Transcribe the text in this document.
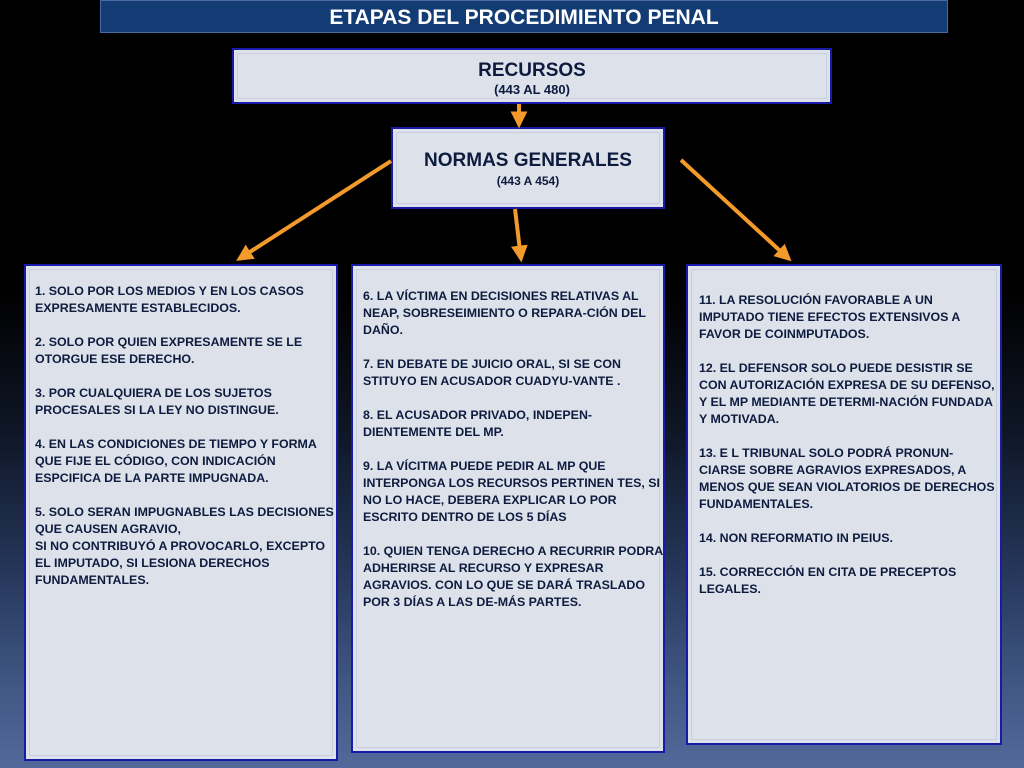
ETAPAS DEL PROCEDIMIENTO PENAL
RECURSOS
(443 AL 480)
NORMAS GENERALES
(443 A 454)
1. SOLO POR LOS MEDIOS Y EN LOS CASOS EXPRESAMENTE ESTABLECIDOS.
2. SOLO POR QUIEN EXPRESAMENTE SE LE OTORGUE ESE DERECHO.
3. POR CUALQUIERA DE LOS SUJETOS PROCESALES SI LA LEY NO DISTINGUE.
4. EN LAS CONDICIONES DE TIEMPO Y FORMA QUE FIJE EL CÓDIGO, CON INDICACIÓN ESPCIFICA DE LA PARTE IMPUGNADA.
5. SOLO SERAN IMPUGNABLES LAS DECISIONES QUE CAUSEN AGRAVIO,
SI NO CONTRIBUYÓ A PROVOCARLO, EXCEPTO EL IMPUTADO, SI LESIONA DERECHOS FUNDAMENTALES.
6. LA VÍCTIMA EN DECISIONES RELATIVAS AL NEAP, SOBRESEIMIENTO O REPARA-CIÓN DEL DAÑO.
7. EN DEBATE DE JUICIO ORAL, SI SE CON STITUYO EN ACUSADOR CUADYU-VANTE .
8. EL ACUSADOR PRIVADO, INDEPEN-DIENTEMENTE DEL MP.
9. LA VÍCITMA PUEDE PEDIR AL MP QUE INTERPONGA LOS RECURSOS PERTINEN TES, SI NO LO HACE, DEBERA EXPLICAR LO POR ESCRITO DENTRO DE LOS 5 DÍAS
10. QUIEN TENGA DERECHO A RECURRIR PODRA ADHERIRSE AL RECURSO Y EXPRESAR AGRAVIOS. CON LO QUE SE DARÁ TRASLADO POR 3 DÍAS A LAS DE-MÁS PARTES.
11. LA RESOLUCIÓN FAVORABLE A UN IMPUTADO TIENE EFECTOS EXTENSIVOS A FAVOR DE COINMPUTADOS.
12. EL DEFENSOR SOLO PUEDE DESISTIR SE CON AUTORIZACIÓN EXPRESA DE SU DEFENSO, Y EL MP MEDIANTE DETERMI-NACIÓN FUNDADA Y MOTIVADA.
13. E L TRIBUNAL SOLO PODRÁ PRONUN-CIARSE SOBRE AGRAVIOS EXPRESADOS, A MENOS QUE SEAN VIOLATORIOS DE DERECHOS FUNDAMENTALES.
14. NON REFORMATIO IN PEIUS.
15. CORRECCIÓN EN CITA DE PRECEPTOS LEGALES.
